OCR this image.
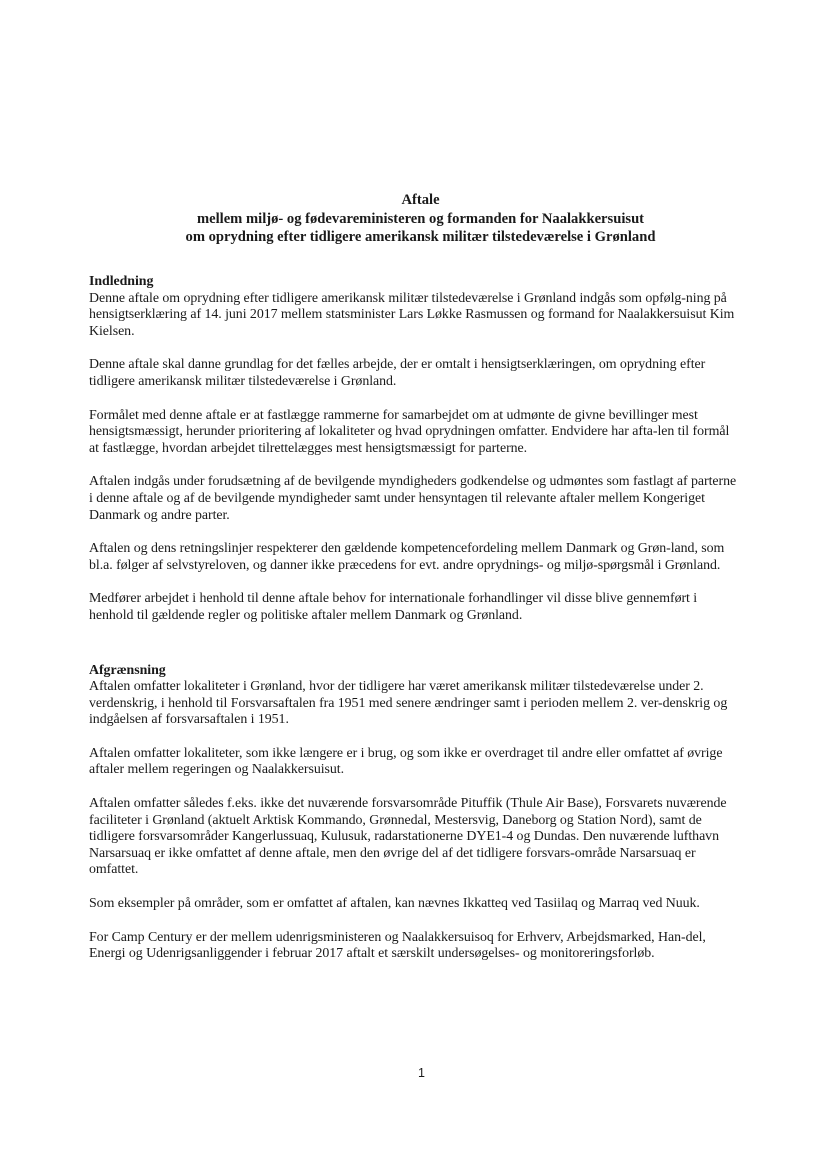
Aftale
mellem miljø- og fødevareministeren og formanden for Naalakkersuisut
om oprydning efter tidligere amerikansk militær tilstedeværelse i Grønland
Indledning

Denne aftale om oprydning efter tidligere amerikansk militær tilstedeværelse i Grønland indgås som opfølg-ning på hensigtserklæring af 14. juni 2017 mellem statsminister Lars Løkke Rasmussen og formand for Naalakkersuisut Kim Kielsen.

Denne aftale skal danne grundlag for det fælles arbejde, der er omtalt i hensigtserklæringen, om oprydning efter tidligere amerikansk militær tilstedeværelse i Grønland.

Formålet med denne aftale er at fastlægge rammerne for samarbejdet om at udmønte de givne bevillinger mest hensigtsmæssigt, herunder prioritering af lokaliteter og hvad oprydningen omfatter. Endvidere har afta-len til formål at fastlægge, hvordan arbejdet tilrettelægges mest hensigtsmæssigt for parterne.

Aftalen indgås under forudsætning af de bevilgende myndigheders godkendelse og udmøntes som fastlagt af parterne i denne aftale og af de bevilgende myndigheder samt under hensyntagen til relevante aftaler mellem Kongeriget Danmark og andre parter.

Aftalen og dens retningslinjer respekterer den gældende kompetencefordeling mellem Danmark og Grøn-land, som bl.a. følger af selvstyreloven, og danner ikke præcedens for evt. andre oprydnings- og miljø-spørgsmål i Grønland.

Medfører arbejdet i henhold til denne aftale behov for internationale forhandlinger vil disse blive gennemført i henhold til gældende regler og politiske aftaler mellem Danmark og Grønland.

Afgrænsning

Aftalen omfatter lokaliteter i Grønland, hvor der tidligere har været amerikansk militær tilstedeværelse under 2. verdenskrig, i henhold til Forsvarsaftalen fra 1951 med senere ændringer samt i perioden mellem 2. ver-denskrig og indgåelsen af forsvarsaftalen i 1951.

Aftalen omfatter lokaliteter, som ikke længere er i brug, og som ikke er overdraget til andre eller omfattet af øvrige aftaler mellem regeringen og Naalakkersuisut.

Aftalen omfatter således f.eks. ikke det nuværende forsvarsområde Pituffik (Thule Air Base), Forsvarets nuværende faciliteter i Grønland (aktuelt Arktisk Kommando, Grønnedal, Mestersvig, Daneborg og Station Nord), samt de tidligere forsvarsområder Kangerlussuaq, Kulusuk, radarstationerne DYE1-4 og Dundas. Den nuværende lufthavn Narsarsuaq er ikke omfattet af denne aftale, men den øvrige del af det tidligere forsvars-område Narsarsuaq er omfattet.

Som eksempler på områder, som er omfattet af aftalen, kan nævnes Ikkatteq ved Tasiilaq og Marraq ved Nuuk.

For Camp Century er der mellem udenrigsministeren og Naalakkersuisoq for Erhverv, Arbejdsmarked, Han-del, Energi og Udenrigsanliggender i februar 2017 aftalt et særskilt undersøgelses- og monitoreringsforløb.

1
